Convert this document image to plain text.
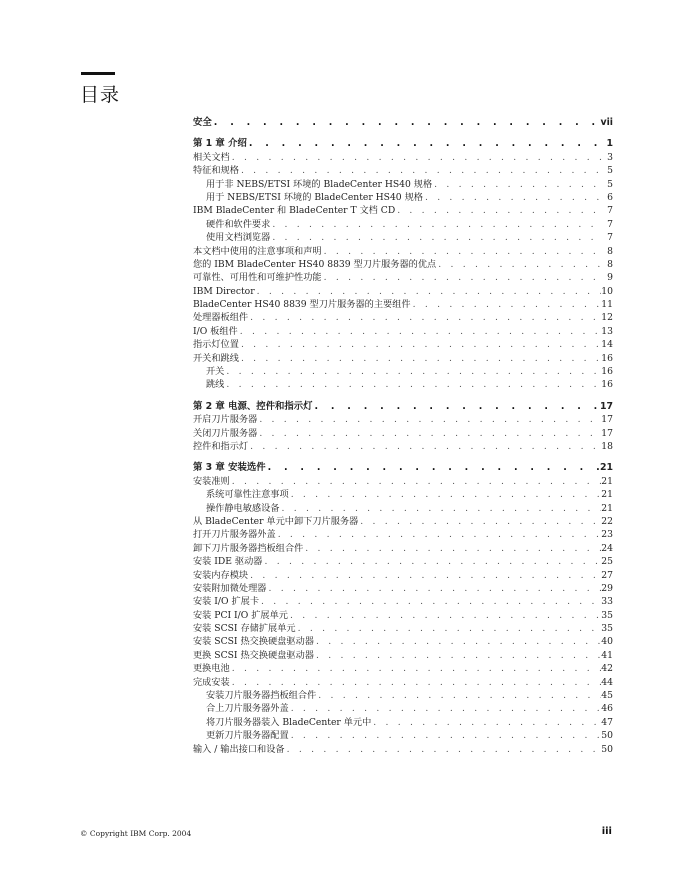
目录
安全 . . .	vii
第 1 章 介绍 . . .	1
相关文档 . . .	3
特征和规格 . . .	5
用于非 NEBS/ETSI 环境的 BladeCenter HS40 规格 . . .	5
用于 NEBS/ETSI 环境的 BladeCenter HS40 规格 . . .	6
IBM BladeCenter 和 BladeCenter T 文档 CD . . .	7
硬件和软件要求 . . .	7
使用文档浏览器 . . .	7
本文档中使用的注意事项和声明 . . .	8
您的 IBM BladeCenter HS40 8839 型刀片服务器的优点 . . .	8
可靠性、可用性和可维护性功能 . . .	9
IBM Director . . .	10
BladeCenter HS40 8839 型刀片服务器的主要组件 . . .	11
处理器板组件 . . .	12
I/O 板组件 . . .	13
指示灯位置 . . .	14
开关和跳线 . . .	16
开关 . . .	16
跳线 . . .	16
第 2 章 电源、控件和指示灯 . . .	17
开启刀片服务器 . . .	17
关闭刀片服务器 . . .	17
控件和指示灯 . . .	18
第 3 章 安装选件 . . .	21
安装准则 . . .	21
系统可靠性注意事项 . . .	21
操作静电敏感设备 . . .	21
从 BladeCenter 单元中卸下刀片服务器 . . .	22
打开刀片服务器外盖 . . .	23
卸下刀片服务器挡板组合件 . . .	24
安装 IDE 驱动器 . . .	25
安装内存模块 . . .	27
安装附加微处理器 . . .	29
安装 I/O 扩展卡 . . .	33
安装 PCI I/O 扩展单元 . . .	35
安装 SCSI 存储扩展单元 . . .	35
安装 SCSI 热交换硬盘驱动器 . . .	40
更换 SCSI 热交换硬盘驱动器 . . .	41
更换电池 . . .	42
完成安装 . . .	44
安装刀片服务器挡板组合件 . . .	45
合上刀片服务器外盖 . . .	46
将刀片服务器装入 BladeCenter 单元中 . . .	47
更新刀片服务器配置 . . .	50
输入 / 输出接口和设备 . . .	50
© Copyright IBM Corp. 2004	iii
